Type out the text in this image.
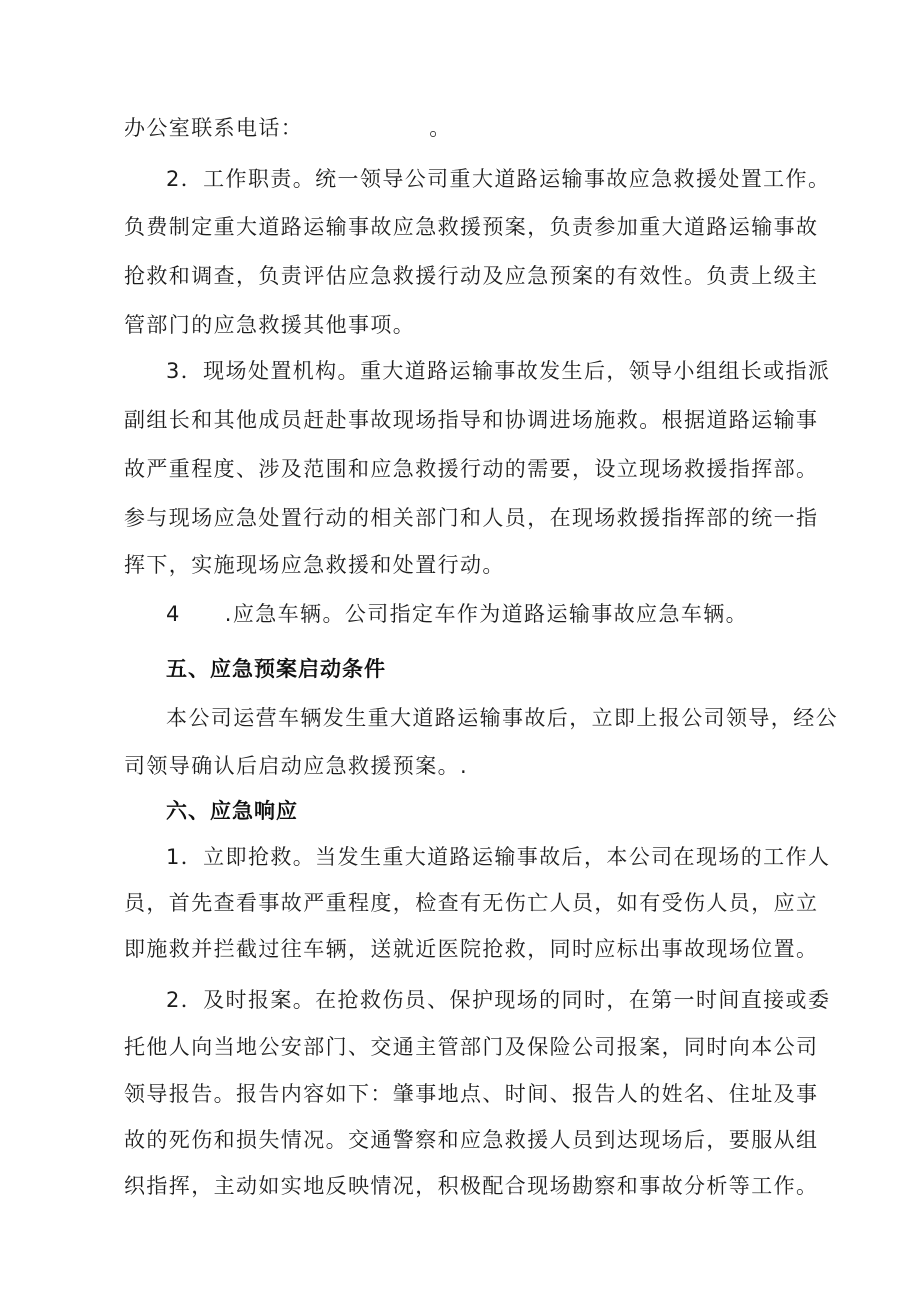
办公室联系电话：	。
2．工作职责。统一领导公司重大道路运输事故应急救援处置工作。
负费制定重大道路运输事故应急救援预案，负责参加重大道路运输事故
抢救和调查，负责评估应急救援行动及应急预案的有效性。负责上级主
管部门的应急救援其他事项。
3．现场处置机构。重大道路运输事故发生后，领导小组组长或指派
副组长和其他成员赶赴事故现场指导和协调进场施救。根据道路运输事
故严重程度、涉及范围和应急救援行动的需要，设立现场救援指挥部。
参与现场应急处置行动的相关部门和人员，在现场救援指挥部的统一指
挥下，实施现场应急救援和处置行动。
4 .应急车辆。公司指定车作为道路运输事故应急车辆。
五、应急预案启动条件
本公司运营车辆发生重大道路运输事故后，立即上报公司领导，经公
司领导确认后启动应急救援预案。.
六、应急响应
1．立即抢救。当发生重大道路运输事故后，本公司在现场的工作人
员，首先查看事故严重程度，检查有无伤亡人员，如有受伤人员，应立
即施救并拦截过往车辆，送就近医院抢救，同时应标出事故现场位置。
2．及时报案。在抢救伤员、保护现场的同时，在第一时间直接或委
托他人向当地公安部门、交通主管部门及保险公司报案，同时向本公司
领导报告。报告内容如下：肇事地点、时间、报告人的姓名、住址及事
故的死伤和损失情况。交通警察和应急救援人员到达现场后，要服从组
织指挥，主动如实地反映情况，积极配合现场勘察和事故分析等工作。
